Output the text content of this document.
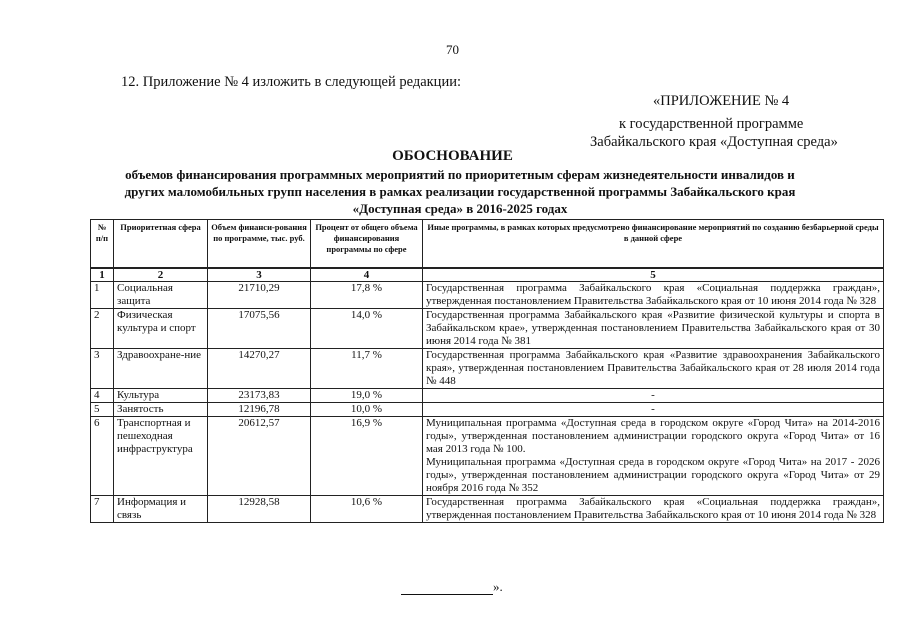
70
12. Приложение № 4 изложить в следующей редакции:
«ПРИЛОЖЕНИЕ № 4
к государственной программе
Забайкальского края «Доступная среда»
ОБОСНОВАНИЕ
объемов финансирования программных мероприятий по приоритетным сферам жизнедеятельности инвалидов и других маломобильных групп населения в рамках реализации государственной программы Забайкальского края «Доступная среда» в 2016-2025 годах
№ п/п	Приоритетная сфера	Объем финанси-рования по программе, тыс. руб.	Процент от общего объема финансирования программы по сфере	Иные программы, в рамках которых предусмотрено финансирование мероприятий по созданию безбарьерной среды в данной сфере
1	2	3	4	5
1	Социальная защита	21710,29	17,8 %	Государственная программа Забайкальского края «Социальная поддержка граждан», утвержденная постановлением Правительства Забайкальского края от 10 июня 2014 года № 328

2	Физическая культура и спорт	17075,56	14,0 %	Государственная программа Забайкальского края «Развитие физической культуры и спорта в Забайкальском крае», утвержденная постановлением Правительства Забайкальского края от 30 июня 2014 года № 381

3	Здравоохране-ние	14270,27	11,7 %	Государственная программа Забайкальского края «Развитие здравоохранения Забайкальского края», утвержденная постановлением Правительства Забайкальского края от 28 июля 2014 года № 448

4	Культура	23173,83	19,0 %	-

5	Занятость	12196,78	10,0 %	-

6	Транспортная и пешеходная инфраструктура	20612,57	16,9 %	Муниципальная программа «Доступная среда в городском округе «Город Чита» на 2014-2016 годы», утвержденная постановлением администрации городского округа «Город Чита» от 16 мая 2013 года № 100.
Муниципальная программа «Доступная среда в городском округе «Город Чита» на 2017 - 2026 годы», утвержденная постановлением администрации городского округа «Город Чита» от 29 ноября 2016 года № 352

7	Информация и связь	12928,58	10,6 %	Государственная программа Забайкальского края «Социальная поддержка граждан», утвержденная постановлением Правительства Забайкальского края от 10 июня 2014 года № 328
».
